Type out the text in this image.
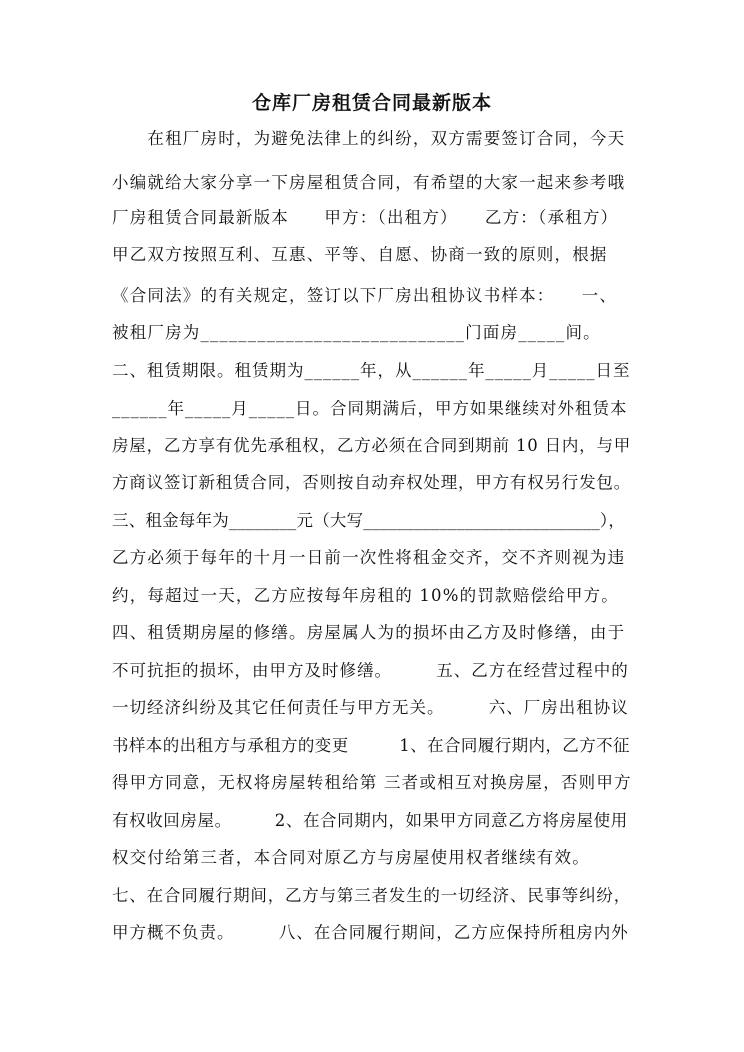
仓库厂房租赁合同最新版本
　　在租厂房时，为避免法律上的纠纷，双方需要签订合同，今天
小编就给大家分享一下房屋租赁合同，有希望的大家一起来参考哦
厂房租赁合同最新版本　　甲方：（出租方）　　乙方：（承租方）
甲乙双方按照互利、互惠、平等、自愿、协商一致的原则，根据
《合同法》的有关规定，签订以下厂房出租协议书样本：　　一、
被租厂房为____________________________门面房_____间。
二、租赁期限。租赁期为______年，从______年_____月_____日至
______年_____月_____日。合同期满后，甲方如果继续对外租赁本
房屋，乙方享有优先承租权，乙方必须在合同到期前 10 日内，与甲
方商议签订新租赁合同，否则按自动弃权处理，甲方有权另行发包。
三、租金每年为________元（大写____________________________），
乙方必须于每年的十月一日前一次性将租金交齐，交不齐则视为违
约，每超过一天，乙方应按每年房租的 10%的罚款赔偿给甲方。
四、租赁期房屋的修缮。房屋属人为的损坏由乙方及时修缮，由于
不可抗拒的损坏，由甲方及时修缮。　　　五、乙方在经营过程中的
一切经济纠纷及其它任何责任与甲方无关。　　　六、厂房出租协议
书样本的出租方与承租方的变更　　　1、在合同履行期内，乙方不征
得甲方同意，无权将房屋转租给第 三者或相互对换房屋，否则甲方
有权收回房屋。　　　2、在合同期内，如果甲方同意乙方将房屋使用
权交付给第三者，本合同对原乙方与房屋使用权者继续有效。
七、在合同履行期间，乙方与第三者发生的一切经济、民事等纠纷，
甲方概不负责。　　　八、在合同履行期间，乙方应保持所租房内外
